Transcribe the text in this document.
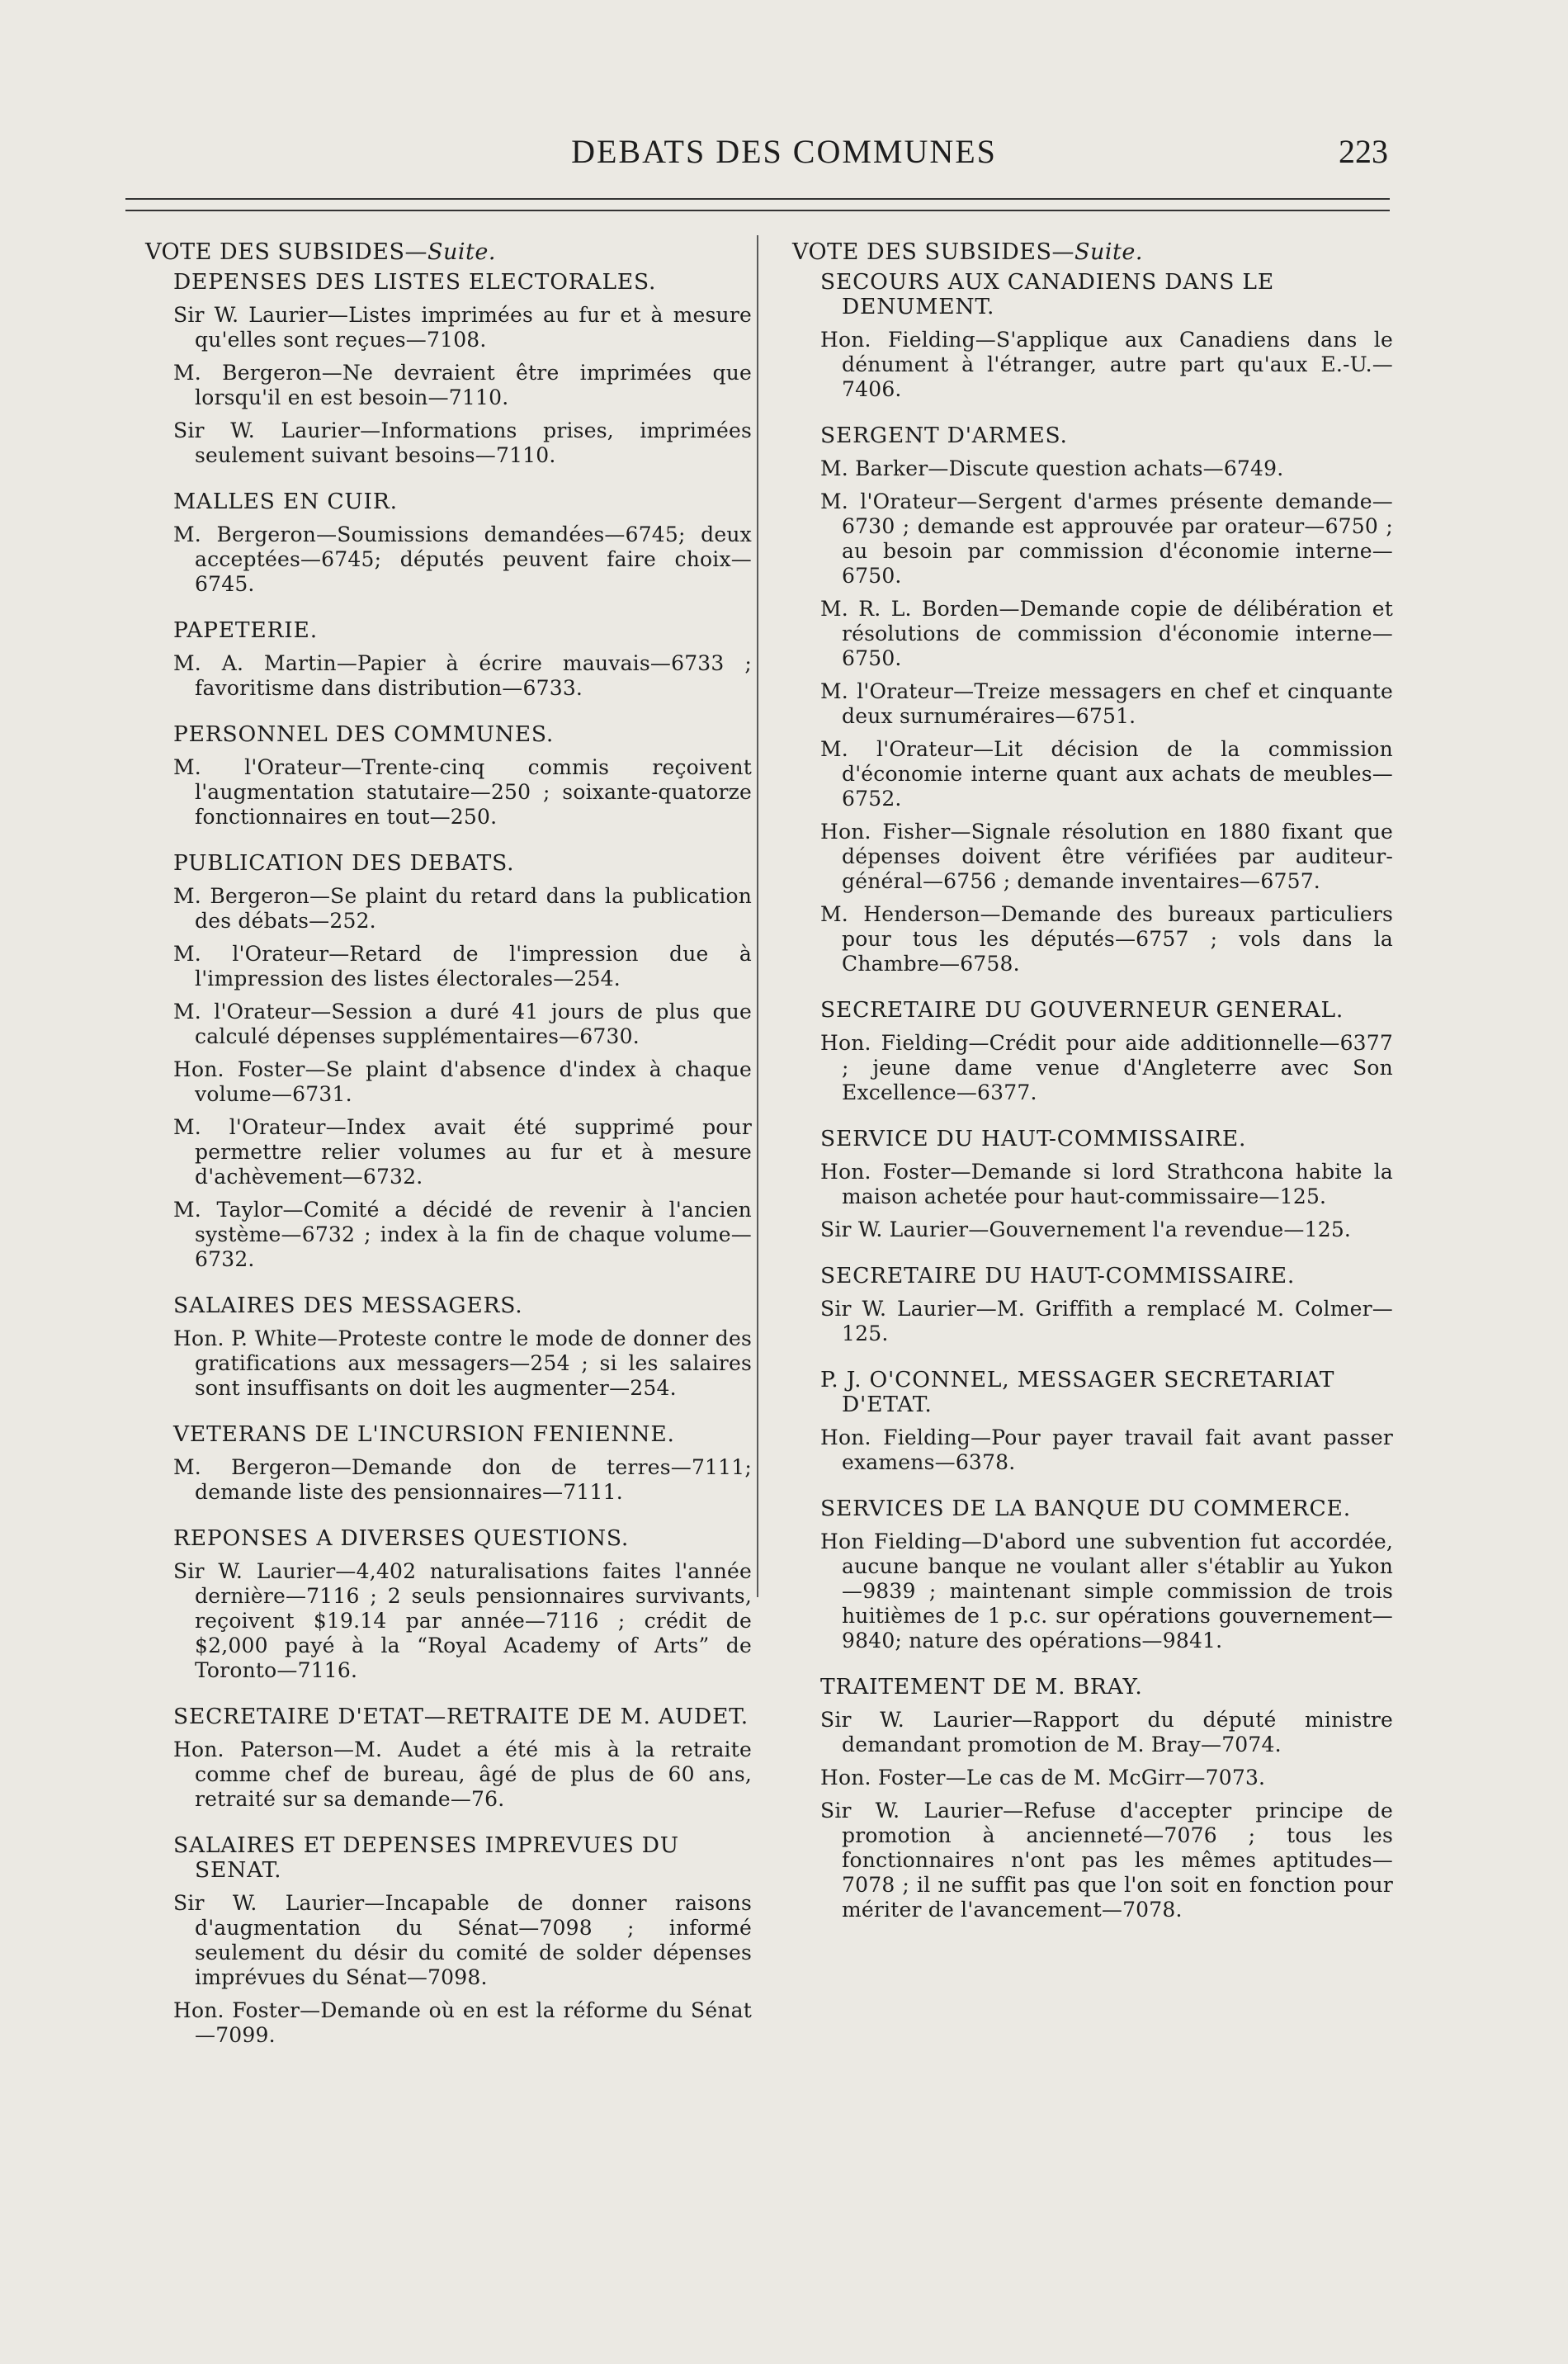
DEBATS DES COMMUNES	223

VOTE DES SUBSIDES—Suite.

DEPENSES DES LISTES ELECTORALES.

Sir W. Laurier—Listes imprimées au fur et à mesure qu'elles sont reçues—7108.

M. Bergeron—Ne devraient être imprimées que lorsqu'il en est besoin—7110.

Sir W. Laurier—Informations prises, imprimées seulement suivant besoins—7110.

MALLES EN CUIR.

M. Bergeron—Soumissions demandées—6745; deux acceptées—6745; députés peuvent faire choix—6745.

PAPETERIE.

M. A. Martin—Papier à écrire mauvais—6733 ; favoritisme dans distribution—6733.

PERSONNEL DES COMMUNES.

M. l'Orateur—Trente-cinq commis reçoivent l'augmentation statutaire—250 ; soixante-quatorze fonctionnaires en tout—250.

PUBLICATION DES DEBATS.

M. Bergeron—Se plaint du retard dans la publication des débats—252.

M. l'Orateur—Retard de l'impression due à l'impression des listes électorales—254.

M. l'Orateur—Session a duré 41 jours de plus que calculé dépenses supplémentaires—6730.

Hon. Foster—Se plaint d'absence d'index à chaque volume—6731.

M. l'Orateur—Index avait été supprimé pour permettre relier volumes au fur et à mesure d'achèvement—6732.

M. Taylor—Comité a décidé de revenir à l'ancien système—6732 ; index à la fin de chaque volume—6732.

SALAIRES DES MESSAGERS.

Hon. P. White—Proteste contre le mode de donner des gratifications aux messagers—254 ; si les salaires sont insuffisants on doit les augmenter—254.

VETERANS DE L'INCURSION FENIENNE.

M. Bergeron—Demande don de terres—7111; demande liste des pensionnaires—7111.

REPONSES A DIVERSES QUESTIONS.

Sir W. Laurier—4,402 naturalisations faites l'année dernière—7116 ; 2 seuls pensionnaires survivants, reçoivent $19.14 par année—7116 ; crédit de $2,000 payé à la “Royal Academy of Arts” de Toronto—7116.

SECRETAIRE D'ETAT—RETRAITE DE M. AUDET.

Hon. Paterson—M. Audet a été mis à la retraite comme chef de bureau, âgé de plus de 60 ans, retraité sur sa demande—76.

SALAIRES ET DEPENSES IMPREVUES DU SENAT.

Sir W. Laurier—Incapable de donner raisons d'augmentation du Sénat—7098 ; informé seulement du désir du comité de solder dépenses imprévues du Sénat—7098.

Hon. Foster—Demande où en est la réforme du Sénat—7099.

VOTE DES SUBSIDES—Suite.

SECOURS AUX CANADIENS DANS LE DENUMENT.

Hon. Fielding—S'applique aux Canadiens dans le dénument à l'étranger, autre part qu'aux E.-U.—7406.

SERGENT D'ARMES.

M. Barker—Discute question achats—6749.

M. l'Orateur—Sergent d'armes présente demande—6730 ; demande est approuvée par orateur—6750 ; au besoin par commission d'économie interne—6750.

M. R. L. Borden—Demande copie de délibération et résolutions de commission d'économie interne—6750.

M. l'Orateur—Treize messagers en chef et cinquante deux surnuméraires—6751.

M. l'Orateur—Lit décision de la commission d'économie interne quant aux achats de meubles—6752.

Hon. Fisher—Signale résolution en 1880 fixant que dépenses doivent être vérifiées par auditeur-général—6756 ; demande inventaires—6757.

M. Henderson—Demande des bureaux particuliers pour tous les députés—6757 ; vols dans la Chambre—6758.

SECRETAIRE DU GOUVERNEUR GENERAL.

Hon. Fielding—Crédit pour aide additionnelle—6377 ; jeune dame venue d'Angleterre avec Son Excellence—6377.

SERVICE DU HAUT-COMMISSAIRE.

Hon. Foster—Demande si lord Strathcona habite la maison achetée pour haut-commissaire—125.

Sir W. Laurier—Gouvernement l'a revendue—125.

SECRETAIRE DU HAUT-COMMISSAIRE.

Sir W. Laurier—M. Griffith a remplacé M. Colmer—125.

P. J. O'CONNEL, MESSAGER SECRETARIAT D'ETAT.

Hon. Fielding—Pour payer travail fait avant passer examens—6378.

SERVICES DE LA BANQUE DU COMMERCE.

Hon Fielding—D'abord une subvention fut accordée, aucune banque ne voulant aller s'établir au Yukon—9839 ; maintenant simple commission de trois huitièmes de 1 p.c. sur opérations gouvernement—9840; nature des opérations—9841.

TRAITEMENT DE M. BRAY.

Sir W. Laurier—Rapport du député ministre demandant promotion de M. Bray—7074.

Hon. Foster—Le cas de M. McGirr—7073.

Sir W. Laurier—Refuse d'accepter principe de promotion à ancienneté—7076 ; tous les fonctionnaires n'ont pas les mêmes aptitudes—7078 ; il ne suffit pas que l'on soit en fonction pour mériter de l'avancement—7078.
